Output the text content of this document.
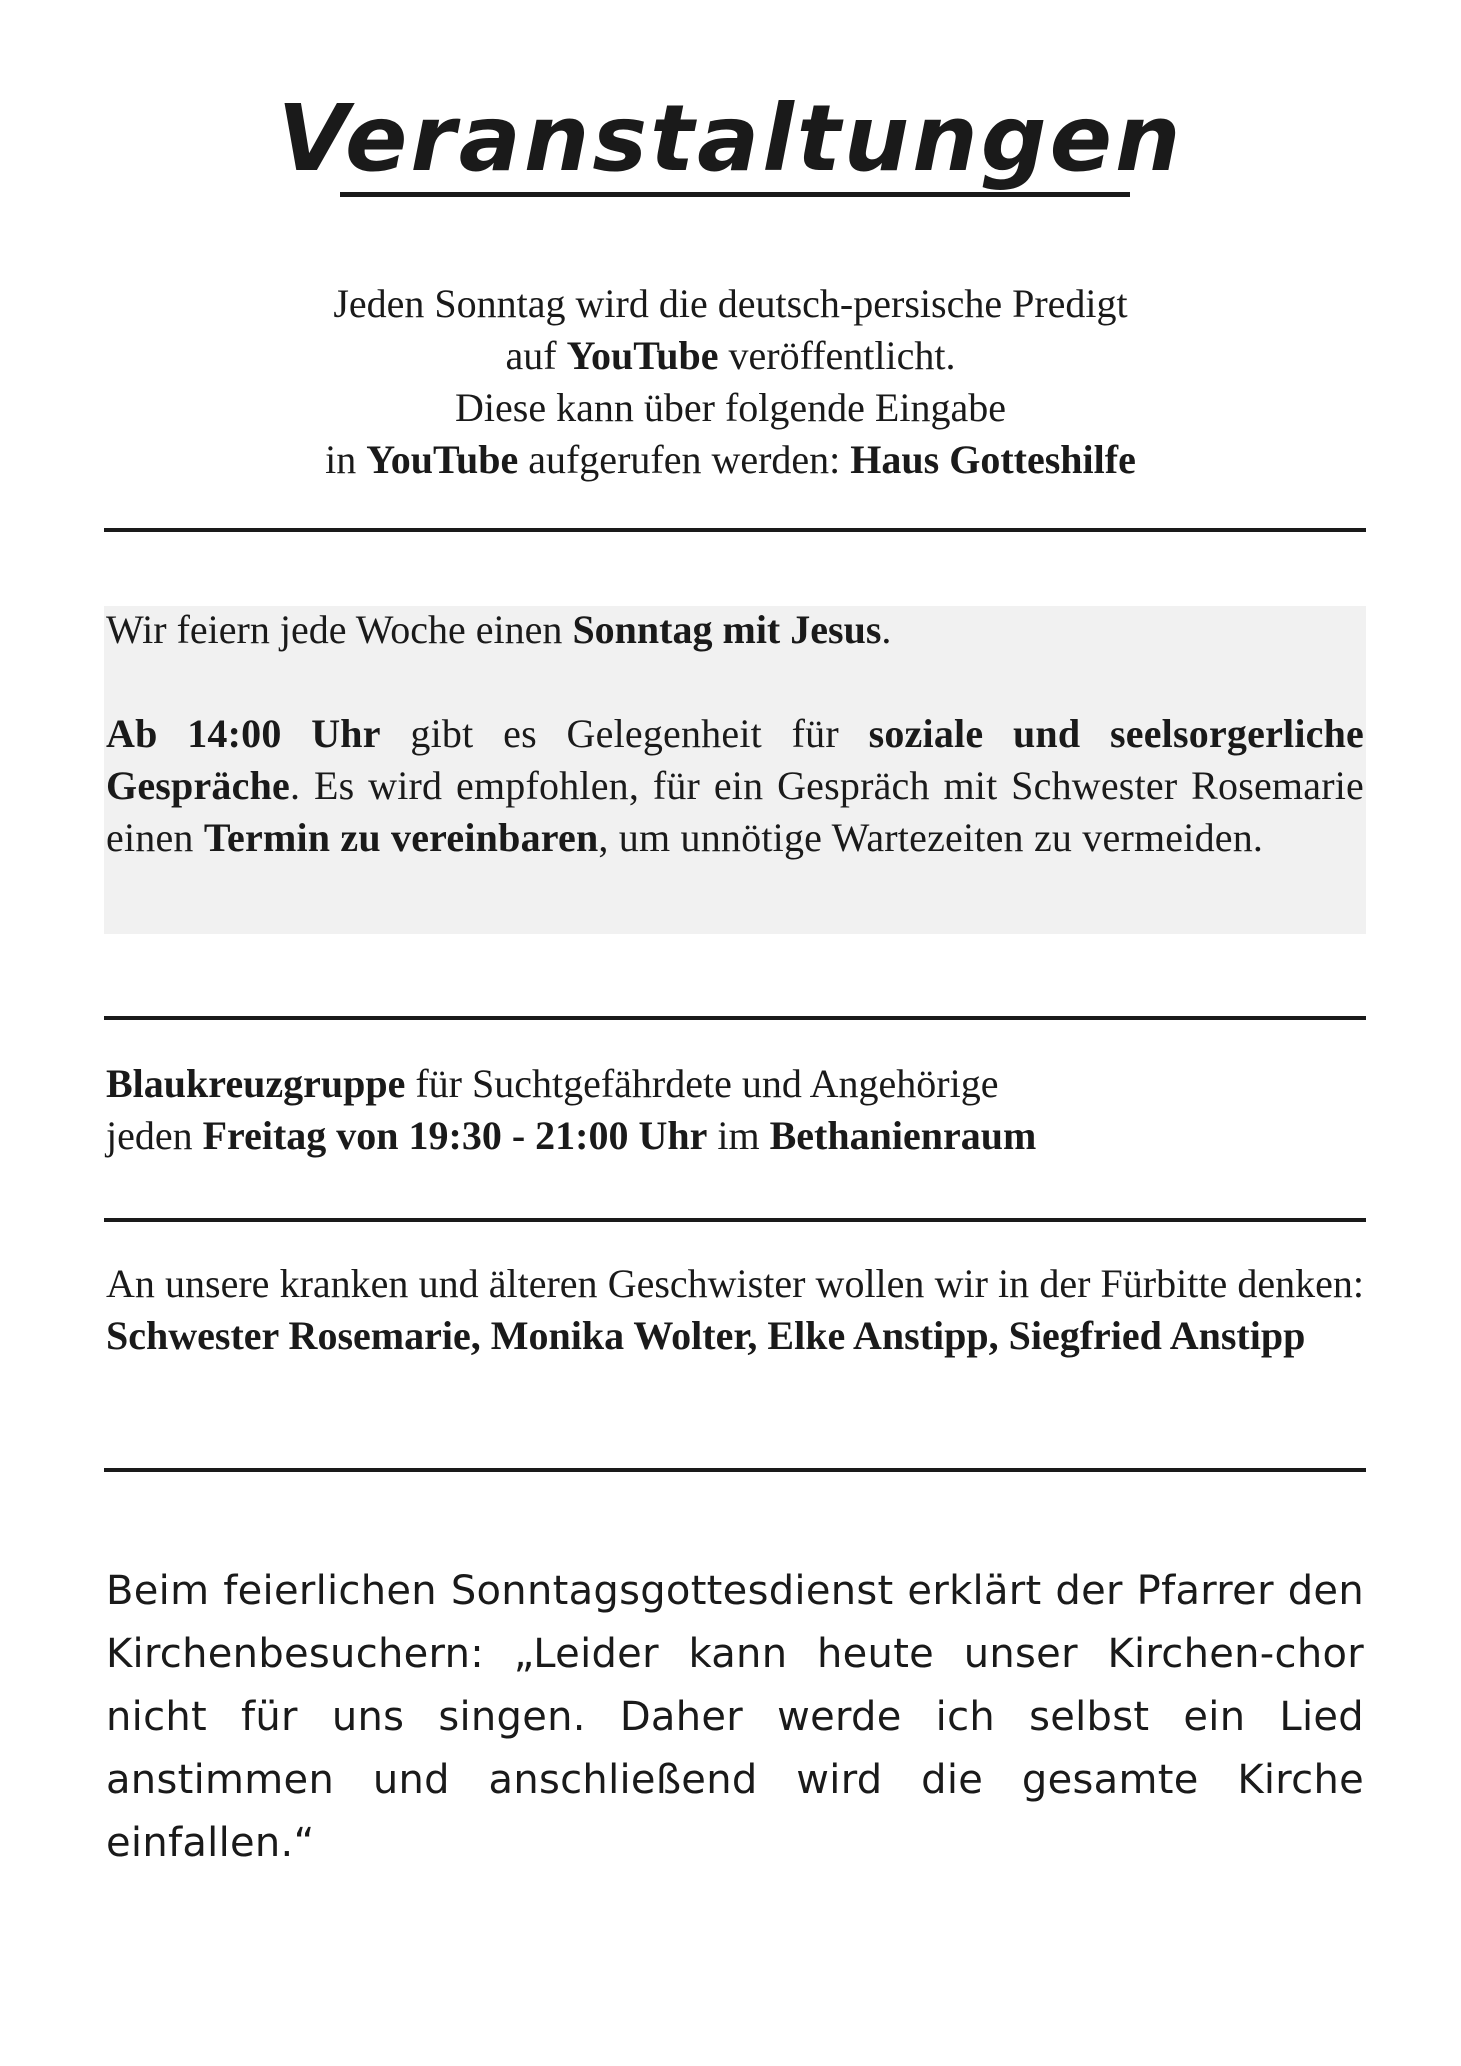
Veranstaltungen
Jeden Sonntag wird die deutsch-persische Predigt
auf YouTube veröffentlicht.
Diese kann über folgende Eingabe
in YouTube aufgerufen werden: Haus Gotteshilfe
Wir feiern jede Woche einen Sonntag mit Jesus.
Ab 14:00 Uhr gibt es Gelegenheit für soziale und seelsorgerliche Gespräche. Es wird empfohlen, für ein Gespräch mit Schwester Rosemarie einen Termin zu vereinbaren, um unnötige Wartezeiten zu vermeiden.
Blaukreuzgruppe für Suchtgefährdete und Angehörige
jeden Freitag von 19:30 - 21:00 Uhr im Bethanienraum
An unsere kranken und älteren Geschwister wollen wir in der Fürbitte denken: Schwester Rosemarie, Monika Wolter, Elke Anstipp, Siegfried Anstipp
Beim feierlichen Sonntagsgottesdienst erklärt der Pfarrer den Kirchenbesuchern: „Leider kann heute unser Kirchen-chor nicht für uns singen. Daher werde ich selbst ein Lied anstimmen und anschließend wird die gesamte Kirche einfallen.“
